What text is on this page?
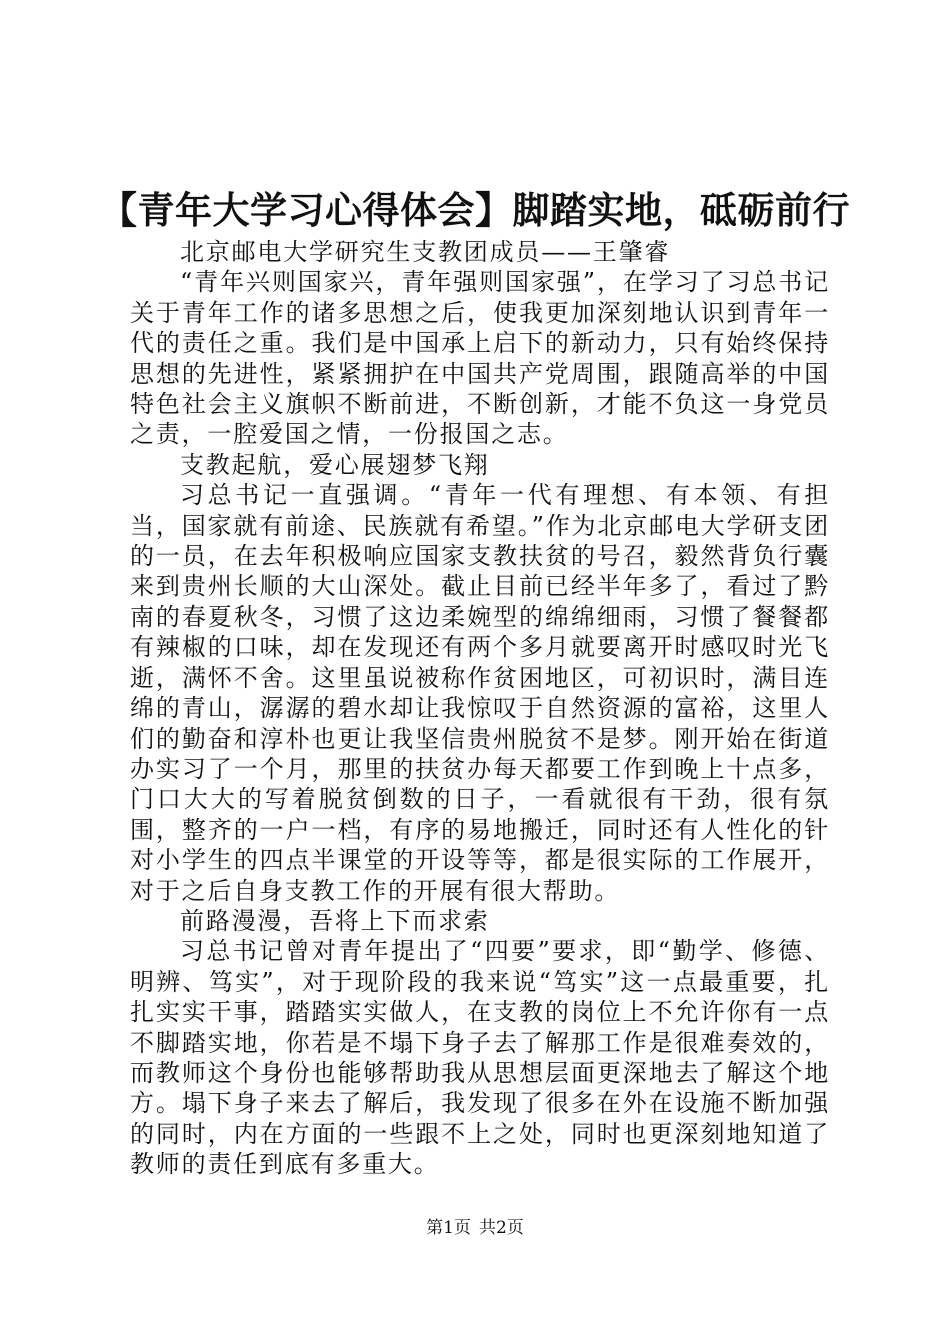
【青年大学习心得体会】脚踏实地，砥砺前行

北京邮电大学研究生支教团成员——王肇睿

“青年兴则国家兴，青年强则国家强”，在学习了习总书记关于青年工作的诸多思想之后，使我更加深刻地认识到青年一代的责任之重。我们是中国承上启下的新动力，只有始终保持思想的先进性，紧紧拥护在中国共产党周围，跟随高举的中国特色社会主义旗帜不断前进，不断创新，才能不负这一身党员之责，一腔爱国之情，一份报国之志。

支教起航，爱心展翅梦飞翔

习总书记一直强调。“青年一代有理想、有本领、有担当，国家就有前途、民族就有希望。”作为北京邮电大学研支团的一员，在去年积极响应国家支教扶贫的号召，毅然背负行囊来到贵州长顺的大山深处。截止目前已经半年多了，看过了黔南的春夏秋冬，习惯了这边柔婉型的绵绵细雨，习惯了餐餐都有辣椒的口味，却在发现还有两个多月就要离开时感叹时光飞逝，满怀不舍。这里虽说被称作贫困地区，可初识时，满目连绵的青山，潺潺的碧水却让我惊叹于自然资源的富裕，这里人们的勤奋和淳朴也更让我坚信贵州脱贫不是梦。刚开始在街道办实习了一个月，那里的扶贫办每天都要工作到晚上十点多，门口大大的写着脱贫倒数的日子，一看就很有干劲，很有氛围，整齐的一户一档，有序的易地搬迁，同时还有人性化的针对小学生的四点半课堂的开设等等，都是很实际的工作展开，对于之后自身支教工作的开展有很大帮助。

前路漫漫，吾将上下而求索

习总书记曾对青年提出了“四要”要求，即“勤学、修德、明辨、笃实”，对于现阶段的我来说“笃实”这一点最重要，扎扎实实干事，踏踏实实做人，在支教的岗位上不允许你有一点不脚踏实地，你若是不塌下身子去了解那工作是很难奏效的，而教师这个身份也能够帮助我从思想层面更深地去了解这个地方。塌下身子来去了解后，我发现了很多在外在设施不断加强的同时，内在方面的一些跟不上之处，同时也更深刻地知道了教师的责任到底有多重大。

第1页 共2页
